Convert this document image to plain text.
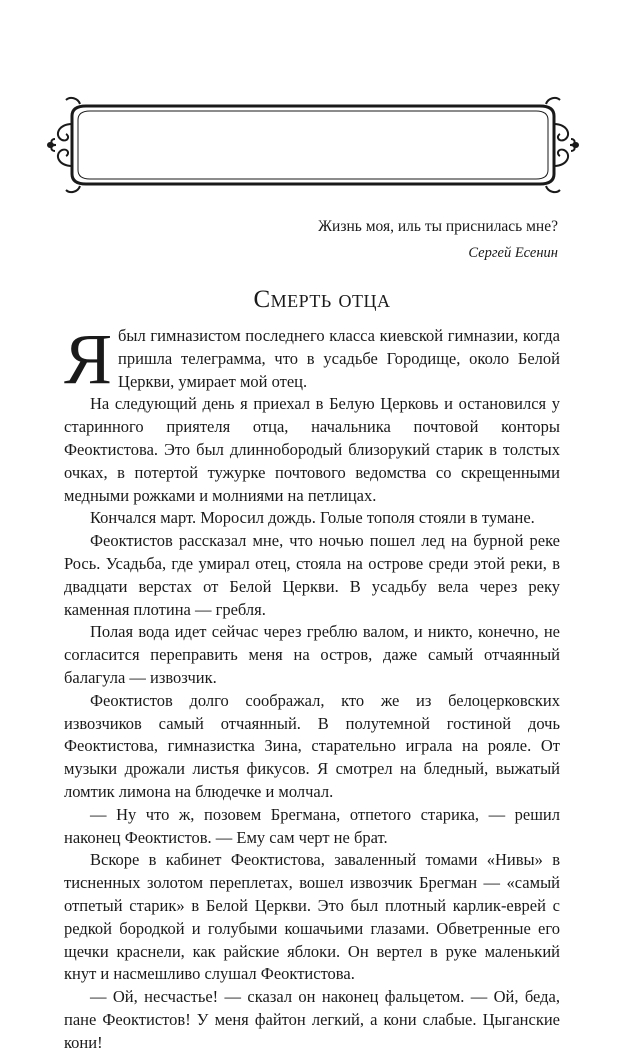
Жизнь моя, иль ты приснилась мне?
Сергей Есенин
Смерть отца

Ябыл гимназистом последнего класса киевской гимназии, когда пришла телеграмма, что в усадьбе Городище, около Белой Церкви, умирает мой отец.

На следующий день я приехал в Белую Церковь и остановился у старинного приятеля отца, начальника почтовой конторы Феоктистова. Это был длиннобородый близорукий старик в толстых очках, в потертой тужурке почтового ведомства со скрещенными медными рожками и молниями на петлицах.

Кончался март. Моросил дождь. Голые тополя стояли в тумане.

Феоктистов рассказал мне, что ночью пошел лед на бурной реке Рось. Усадьба, где умирал отец, стояла на острове среди этой реки, в двадцати верстах от Белой Церкви. В усадьбу вела через реку каменная плотина — гребля.

Полая вода идет сейчас через греблю валом, и никто, конечно, не согласится переправить меня на остров, даже самый отчаянный балагула — извозчик.

Феоктистов долго соображал, кто же из белоцерковских извозчиков самый отчаянный. В полутемной гостиной дочь Феоктистова, гимназистка Зина, старательно играла на рояле. От музыки дрожали листья фикусов. Я смотрел на бледный, выжатый ломтик лимона на блюдечке и молчал.

— Ну что ж, позовем Брегмана, отпетого старика, — решил наконец Феоктистов. — Ему сам черт не брат.

Вскоре в кабинет Феоктистова, заваленный томами «Нивы» в тисненных золотом переплетах, вошел извозчик Брегман — «самый отпетый старик» в Белой Церкви. Это был плотный карлик-еврей с редкой бородкой и голубыми кошачьими глазами. Обветренные его щечки краснели, как райские яблоки. Он вертел в руке маленький кнут и насмешливо слушал Феоктистова.

— Ой, несчастье! — сказал он наконец фальцетом. — Ой, беда, пане Феоктистов! У меня файтон легкий, а кони слабые. Цыганские кони!
